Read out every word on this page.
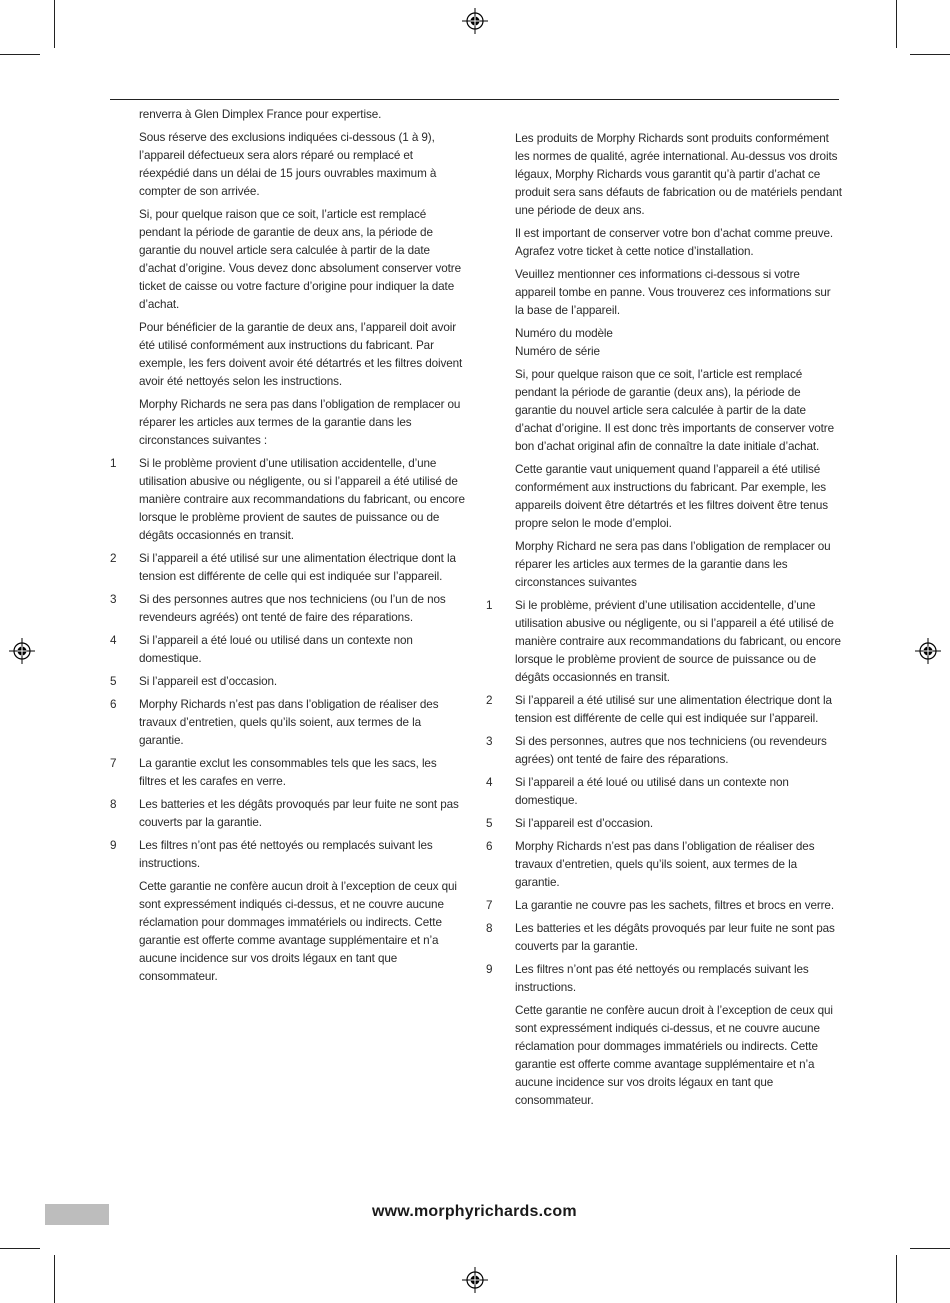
renverra à Glen Dimplex France pour expertise.

Sous réserve des exclusions indiquées ci-dessous (1 à 9), l’appareil défectueux sera alors réparé ou remplacé et réexpédié dans un délai de 15 jours ouvrables maximum à compter de son arrivée.

Si, pour quelque raison que ce soit, l’article est remplacé pendant la période de garantie de deux ans, la période de garantie du nouvel article sera calculée à partir de la date d’achat d’origine. Vous devez donc absolument conserver votre ticket de caisse ou votre facture d’origine pour indiquer la date d’achat.

Pour bénéficier de la garantie de deux ans, l’appareil doit avoir été utilisé conformément aux instructions du fabricant. Par exemple, les fers doivent avoir été détartrés et les filtres doivent avoir été nettoyés selon les instructions.

Morphy Richards ne sera pas dans l’obligation de remplacer ou réparer les articles aux termes de la garantie dans les circonstances suivantes :

1	Si le problème provient d’une utilisation accidentelle, d’une utilisation abusive ou négligente, ou si l’appareil a été utilisé de manière contraire aux recommandations du fabricant, ou encore lorsque le problème provient de sautes de puissance ou de dégâts occasionnés en transit.
2	Si l’appareil a été utilisé sur une alimentation électrique dont la tension est différente de celle qui est indiquée sur l’appareil.
3	Si des personnes autres que nos techniciens (ou l’un de nos revendeurs agréés) ont tenté de faire des réparations.
4	Si l’appareil a été loué ou utilisé dans un contexte non domestique.
5	Si l’appareil est d’occasion.
6	Morphy Richards n’est pas dans l’obligation de réaliser des travaux d’entretien, quels qu’ils soient, aux termes de la garantie.
7	La garantie exclut les consommables tels que les sacs, les filtres et les carafes en verre.
8	Les batteries et les dégâts provoqués par leur fuite ne sont pas couverts par la garantie.
9	Les filtres n’ont pas été nettoyés ou remplacés suivant les instructions.

Cette garantie ne confère aucun droit à l’exception de ceux qui sont expressément indiqués ci-dessus, et ne couvre aucune réclamation pour dommages immatériels ou indirects. Cette garantie est offerte comme avantage supplémentaire et n’a aucune incidence sur vos droits légaux en tant que consommateur.

Les produits de Morphy Richards sont produits conformément les normes de qualité, agrée international. Au-dessus vos droits légaux, Morphy Richards vous garantit qu’à partir d’achat ce produit sera sans défauts de fabrication ou de matériels pendant une période de deux ans.

Il est important de conserver votre bon d’achat comme preuve. Agrafez votre ticket à cette notice d’installation.

Veuillez mentionner ces informations ci-dessous si votre appareil tombe en panne. Vous trouverez ces informations sur la base de l’appareil.

Numéro du modèle

Numéro de série

Si, pour quelque raison que ce soit, l’article est remplacé pendant la période de garantie (deux ans), la période de garantie du nouvel article sera calculée à partir de la date d’achat d’origine. Il est donc très importants de conserver votre bon d’achat original afin de connaître la date initiale d’achat.

Cette garantie vaut uniquement quand l’appareil a été utilisé conformément aux instructions du fabricant. Par exemple, les appareils doivent être détartrés et les filtres doivent être tenus propre selon le mode d’emploi.

Morphy Richard ne sera pas dans l’obligation de remplacer ou réparer les articles aux termes de la garantie dans les circonstances suivantes

1	Si le problème, prévient d’une utilisation accidentelle, d’une utilisation abusive ou négligente, ou si l’appareil a été utilisé de manière contraire aux recommandations du fabricant, ou encore lorsque le problème provient de source de puissance ou de dégâts occasionnés en transit.
2	Si l’appareil a été utilisé sur une alimentation électrique dont la tension est différente de celle qui est indiquée sur l’appareil.
3	Si des personnes, autres que nos techniciens (ou revendeurs agrées) ont tenté de faire des réparations.
4	Si l’appareil a été loué ou utilisé dans un contexte non domestique.
5	Si l’appareil est d’occasion.
6	Morphy Richards n’est pas dans l’obligation de réaliser des travaux d’entretien, quels qu’ils soient, aux termes de la garantie.
7	La garantie ne couvre pas les sachets, filtres et brocs en verre.
8	Les batteries et les dégâts provoqués par leur fuite ne sont pas couverts par la garantie.
9	Les filtres n’ont pas été nettoyés ou remplacés suivant les instructions.

Cette garantie ne confère aucun droit à l’exception de ceux qui sont expressément indiqués ci-dessus, et ne couvre aucune réclamation pour dommages immatériels ou indirects. Cette garantie est offerte comme avantage supplémentaire et n’a aucune incidence sur vos droits légaux en tant que consommateur.

www.morphyrichards.com
